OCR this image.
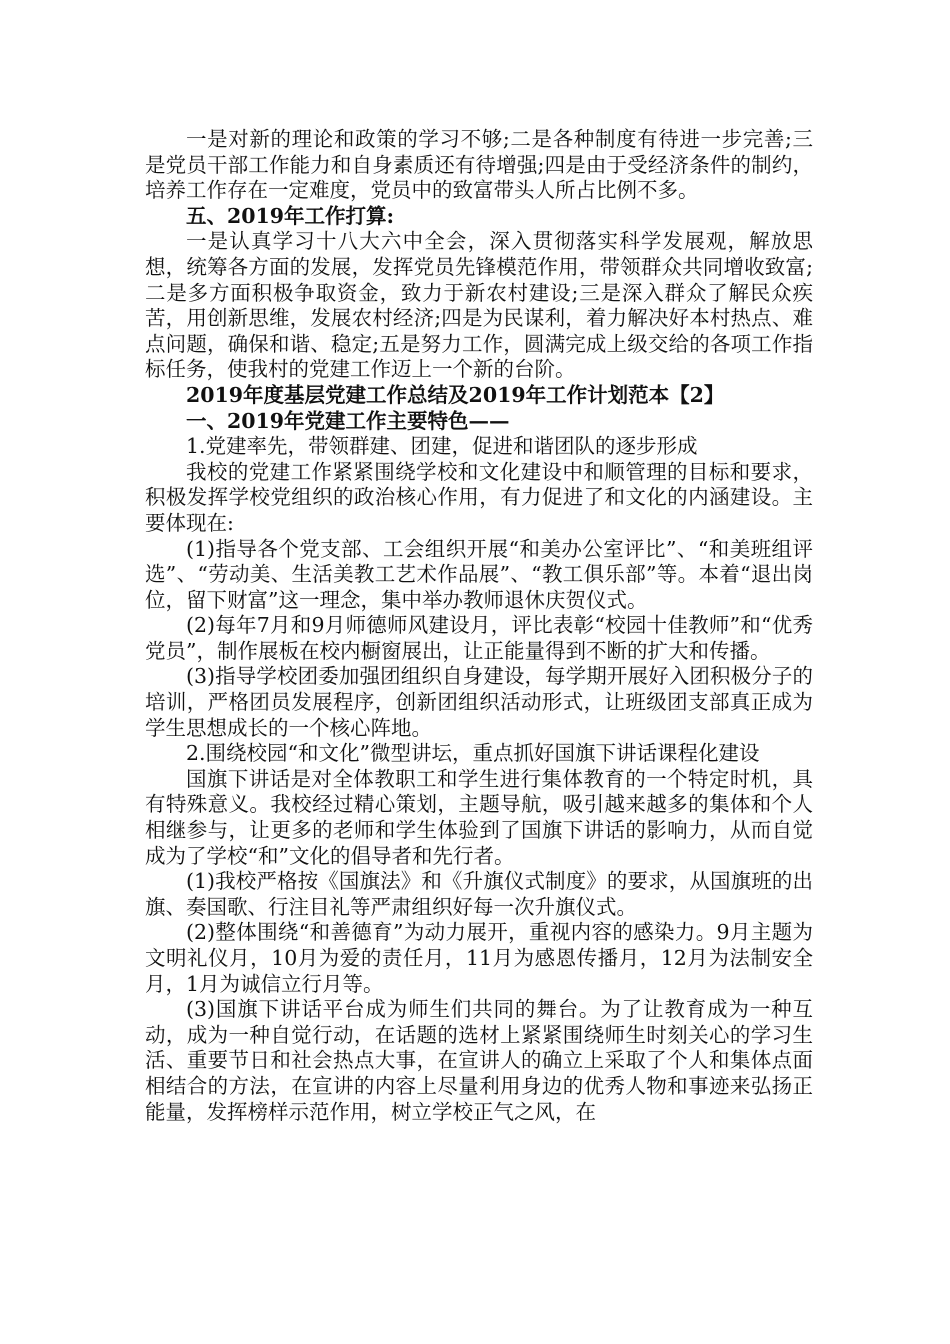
一是对新的理论和政策的学习不够;二是各种制度有待进一步完善;三是党员干部工作能力和自身素质还有待增强;四是由于受经济条件的制约，培养工作存在一定难度，党员中的致富带头人所占比例不多。

五、2019年工作打算:

一是认真学习十八大六中全会，深入贯彻落实科学发展观，解放思想，统筹各方面的发展，发挥党员先锋模范作用，带领群众共同增收致富;二是多方面积极争取资金，致力于新农村建设;三是深入群众了解民众疾苦，用创新思维，发展农村经济;四是为民谋利，着力解决好本村热点、难点问题，确保和谐、稳定;五是努力工作，圆满完成上级交给的各项工作指标任务，使我村的党建工作迈上一个新的台阶。

2019年度基层党建工作总结及2019年工作计划范本【2】

一、2019年党建工作主要特色——

1.党建率先，带领群建、团建，促进和谐团队的逐步形成

我校的党建工作紧紧围绕学校和文化建设中和顺管理的目标和要求，积极发挥学校党组织的政治核心作用，有力促进了和文化的内涵建设。主要体现在:

(1)指导各个党支部、工会组织开展“和美办公室评比”、“和美班组评选”、“劳动美、生活美教工艺术作品展”、“教工俱乐部”等。本着“退出岗位，留下财富”这一理念，集中举办教师退休庆贺仪式。

(2)每年7月和9月师德师风建设月，评比表彰“校园十佳教师”和“优秀党员”，制作展板在校内橱窗展出，让正能量得到不断的扩大和传播。

(3)指导学校团委加强团组织自身建设，每学期开展好入团积极分子的培训，严格团员发展程序，创新团组织活动形式，让班级团支部真正成为学生思想成长的一个核心阵地。

2.围绕校园“和文化”微型讲坛，重点抓好国旗下讲话课程化建设

国旗下讲话是对全体教职工和学生进行集体教育的一个特定时机，具有特殊意义。我校经过精心策划，主题导航，吸引越来越多的集体和个人相继参与，让更多的老师和学生体验到了国旗下讲话的影响力，从而自觉成为了学校“和”文化的倡导者和先行者。

(1)我校严格按《国旗法》和《升旗仪式制度》的要求，从国旗班的出旗、奏国歌、行注目礼等严肃组织好每一次升旗仪式。

(2)整体围绕“和善德育”为动力展开，重视内容的感染力。9月主题为文明礼仪月，10月为爱的责任月，11月为感恩传播月，12月为法制安全月，1月为诚信立行月等。

(3)国旗下讲话平台成为师生们共同的舞台。为了让教育成为一种互动，成为一种自觉行动，在话题的选材上紧紧围绕师生时刻关心的学习生活、重要节日和社会热点大事，在宣讲人的确立上采取了个人和集体点面相结合的方法，在宣讲的内容上尽量利用身边的优秀人物和事迹来弘扬正能量，发挥榜样示范作用，树立学校正气之风，在
